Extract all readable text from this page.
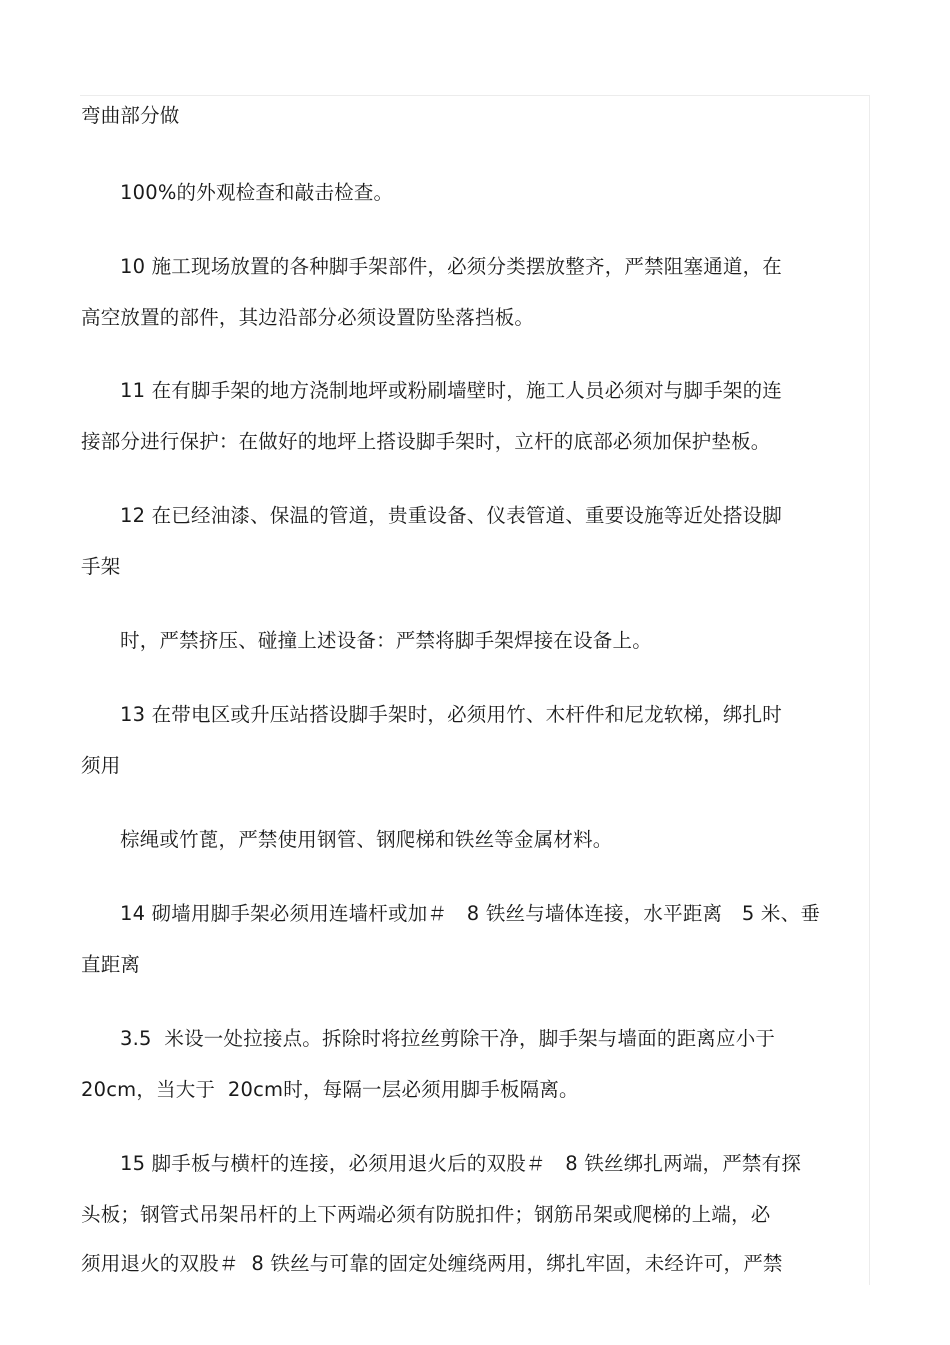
弯曲部分做
100%的外观检查和敲击检查。
10 施工现场放置的各种脚手架部件，必须分类摆放整齐，严禁阻塞通道，在
高空放置的部件，其边沿部分必须设置防坠落挡板。
11 在有脚手架的地方浇制地坪或粉刷墙壁时，施工人员必须对与脚手架的连
接部分进行保护：在做好的地坪上搭设脚手架时，立杆的底部必须加保护垫板。
12 在已经油漆、保温的管道，贵重设备、仪表管道、重要设施等近处搭设脚
手架
时，严禁挤压、碰撞上述设备：严禁将脚手架焊接在设备上。
13 在带电区或升压站搭设脚手架时，必须用竹、木杆件和尼龙软梯，绑扎时
须用
棕绳或竹蓖，严禁使用钢管、钢爬梯和铁丝等金属材料。
14 砌墙用脚手架必须用连墙杆或加＃　8 铁丝与墙体连接，水平距离　5 米、垂
直距离
3.5  米设一处拉接点。拆除时将拉丝剪除干净，脚手架与墙面的距离应小于
20cm，当大于  20cm时，每隔一层必须用脚手板隔离。
15 脚手板与横杆的连接，必须用退火后的双股＃　8 铁丝绑扎两端，严禁有探
头板；钢管式吊架吊杆的上下两端必须有防脱扣件；钢筋吊架或爬梯的上端，必
须用退火的双股＃  8 铁丝与可靠的固定处缠绕两用，绑扎牢固，未经许可，严禁
